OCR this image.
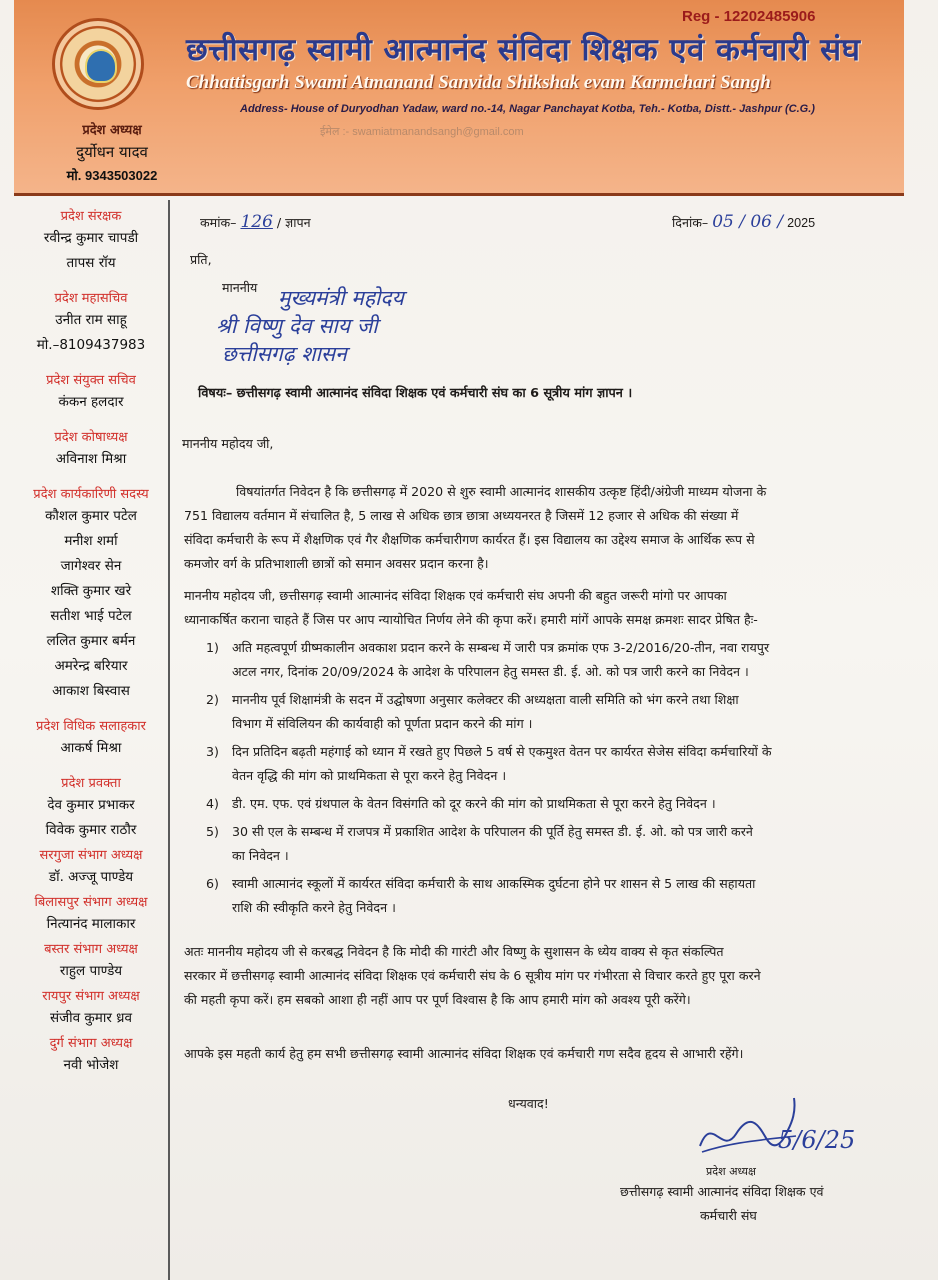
Reg - 12202485906
छत्तीसगढ़ स्वामी आत्मानंद संविदा शिक्षक एवं कर्मचारी संघ
Chhattisgarh Swami Atmanand Sanvida Shikshak evam Karmchari Sangh
Address- House of Duryodhan Yadaw, ward no.-14, Nagar Panchayat Kotba, Teh.- Kotba, Distt.- Jashpur (C.G.)
ईमेल :- swamiatmanandsangh@gmail.com
प्रदेश अध्यक्ष
दुर्योधन यादव
मो. 9343503022
प्रदेश संरक्षक
रवीन्द्र कुमार चापडी
तापस रॉय
प्रदेश महासचिव
उनीत राम साहू
मो.–8109437983
प्रदेश संयुक्त सचिव
कंकन हलदार
प्रदेश कोषाध्यक्ष
अविनाश मिश्रा
प्रदेश कार्यकारिणी सदस्य
कौशल कुमार पटेल
मनीश शर्मा
जागेश्वर सेन
शक्ति कुमार खरे
सतीश भाई पटेल
ललित कुमार बर्मन
अमरेन्द्र बरियार
आकाश बिस्वास
प्रदेश विधिक सलाहकार
आकर्ष मिश्रा
प्रदेश प्रवक्ता
देव कुमार प्रभाकर
विवेक कुमार राठौर
सरगुजा संभाग अध्यक्ष
डॉ. अज्जू पाण्डेय
बिलासपुर संभाग अध्यक्ष
नित्यानंद मालाकार
बस्तर संभाग अध्यक्ष
राहुल पाण्डेय
रायपुर संभाग अध्यक्ष
संजीव कुमार ध्रव
दुर्ग संभाग अध्यक्ष
नवी भोजेश
कमांक– 126 / ज्ञापन	दिनांक– 05 / 06 / 2025
प्रति,
माननीय मुख्यमंत्री महोदय
श्री विष्णु देव साय जी
छत्तीसगढ़ शासन
विषयः– छत्तीसगढ़ स्वामी आत्मानंद संविदा शिक्षक एवं कर्मचारी संघ का 6 सूत्रीय मांग ज्ञापन ।
माननीय महोदय जी,
विषयांतर्गत निवेदन है कि छत्तीसगढ़ में 2020 से शुरु स्वामी आत्मानंद शासकीय उत्कृष्ट हिंदी/अंग्रेजी माध्यम योजना के
751 विद्यालय वर्तमान में संचालित है, 5 लाख से अधिक छात्र छात्रा अध्ययनरत है जिसमें 12 हजार से अधिक की संख्या में
संविदा कर्मचारी के रूप में शैक्षणिक एवं गैर शैक्षणिक कर्मचारीगण कार्यरत हैं। इस विद्यालय का उद्देश्य समाज के आर्थिक रूप से
कमजोर वर्ग के प्रतिभाशाली छात्रों को समान अवसर प्रदान करना है।
माननीय महोदय जी, छत्तीसगढ़ स्वामी आत्मानंद संविदा शिक्षक एवं कर्मचारी संघ अपनी की बहुत जरूरी मांगो पर आपका
ध्यानाकर्षित कराना चाहते हैं जिस पर आप न्यायोचित निर्णय लेने की कृपा करें। हमारी मांगें आपके समक्ष क्रमशः सादर प्रेषित हैः-
1)	अति महत्वपूर्ण ग्रीष्मकालीन अवकाश प्रदान करने के सम्बन्ध में जारी पत्र क्रमांक एफ 3-2/2016/20-तीन, नवा रायपुर
अटल नगर, दिनांक 20/09/2024 के आदेश के परिपालन हेतु समस्त डी. ई. ओ. को पत्र जारी करने का निवेदन ।
2)	माननीय पूर्व शिक्षामंत्री के सदन में उद्घोषणा अनुसार कलेक्टर की अध्यक्षता वाली समिति को भंग करने तथा शिक्षा
विभाग में संविलियन की कार्यवाही को पूर्णता प्रदान करने की मांग ।
3)	दिन प्रतिदिन बढ़ती महंगाई को ध्यान में रखते हुए पिछले 5 वर्ष से एकमुश्त वेतन पर कार्यरत सेजेस संविदा कर्मचारियों के
वेतन वृद्धि की मांग को प्राथमिकता से पूरा करने हेतु निवेदन ।
4)	डी. एम. एफ. एवं ग्रंथपाल के वेतन विसंगति को दूर करने की मांग को प्राथमिकता से पूरा करने हेतु निवेदन ।
5)	30 सी एल के सम्बन्ध में राजपत्र में प्रकाशित आदेश के परिपालन की पूर्ति हेतु समस्त डी. ई. ओ. को पत्र जारी करने
का निवेदन ।
6)	स्वामी आत्मानंद स्कूलों में कार्यरत संविदा कर्मचारी के साथ आकस्मिक दुर्घटना होने पर शासन से 5 लाख की सहायता
राशि की स्वीकृति करने हेतु निवेदन ।
अतः माननीय महोदय जी से करबद्ध निवेदन है कि मोदी की गारंटी और विष्णु के सुशासन के ध्येय वाक्य से कृत संकल्पित
सरकार में छत्तीसगढ़ स्वामी आत्मानंद संविदा शिक्षक एवं कर्मचारी संघ के 6 सूत्रीय मांग पर गंभीरता से विचार करते हुए पूरा करने
की महती कृपा करें। हम सबको आशा ही नहीं आप पर पूर्ण विश्वास है कि आप हमारी मांग को अवश्य पूरी करेंगे।
आपके इस महती कार्य हेतु हम सभी छत्तीसगढ़ स्वामी आत्मानंद संविदा शिक्षक एवं कर्मचारी गण सदैव हृदय से आभारी रहेंगे।
धन्यवाद!
5/6/25
प्रदेश अध्यक्ष
छत्तीसगढ़ स्वामी आत्मानंद संविदा शिक्षक एवं
कर्मचारी संघ
